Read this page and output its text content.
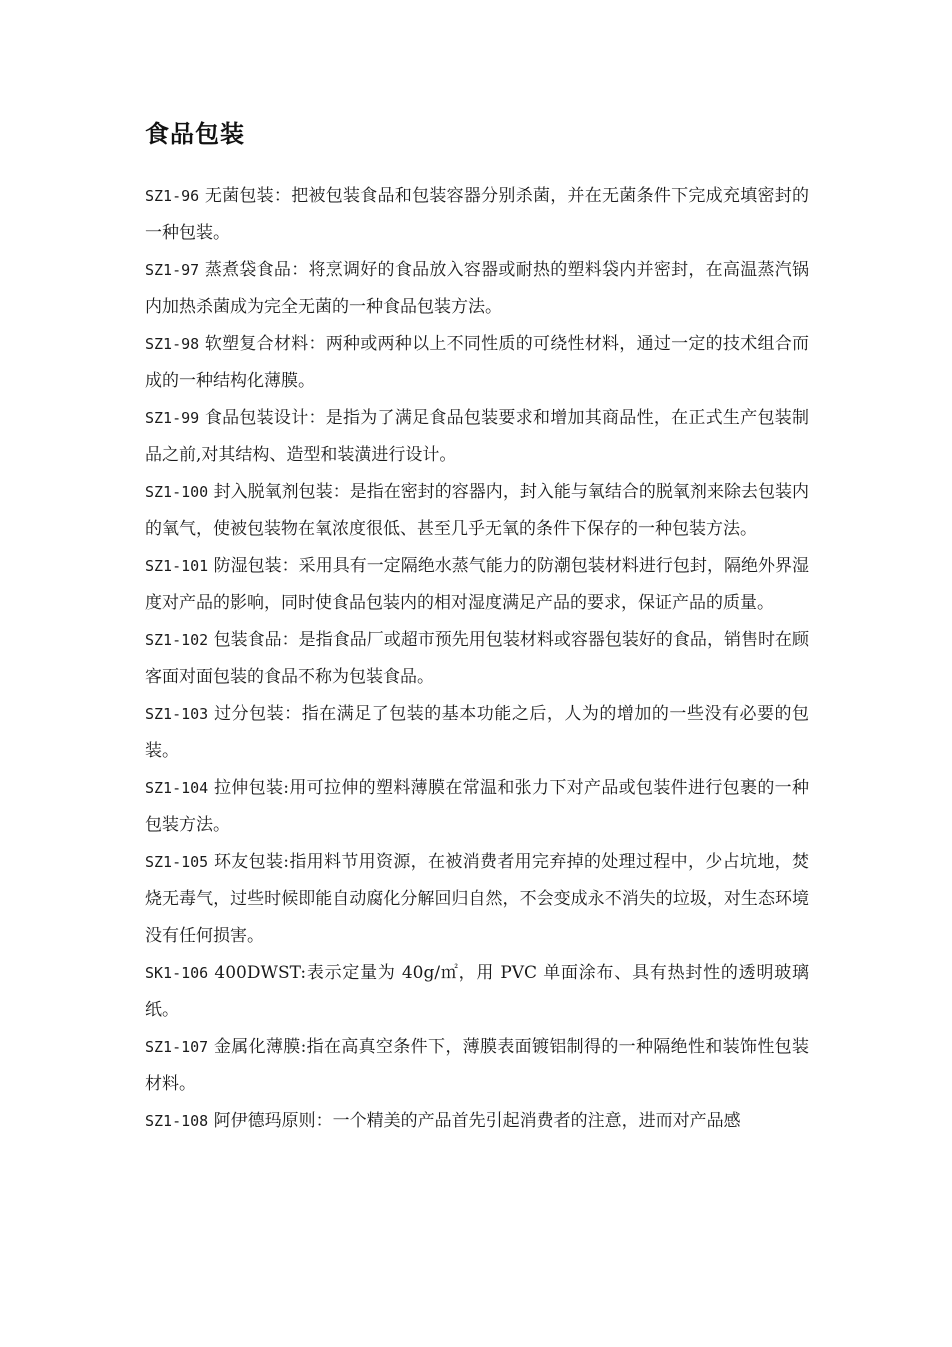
食品包装

SZ1-96 无菌包装：把被包装食品和包装容器分别杀菌，并在无菌条件下完成充填密封的一种包装。

SZ1-97 蒸煮袋食品：将烹调好的食品放入容器或耐热的塑料袋内并密封，在高温蒸汽锅内加热杀菌成为完全无菌的一种食品包装方法。

SZ1-98 软塑复合材料：两种或两种以上不同性质的可绕性材料，通过一定的技术组合而成的一种结构化薄膜。

SZ1-99 食品包装设计：是指为了满足食品包装要求和增加其商品性，在正式生产包装制品之前,对其结构、造型和装潢进行设计。

SZ1-100 封入脱氧剂包装：是指在密封的容器内，封入能与氧结合的脱氧剂来除去包装内的氧气，使被包装物在氧浓度很低、甚至几乎无氧的条件下保存的一种包装方法。

SZ1-101 防湿包装：采用具有一定隔绝水蒸气能力的防潮包装材料进行包封，隔绝外界湿度对产品的影响，同时使食品包装内的相对湿度满足产品的要求，保证产品的质量。

SZ1-102 包装食品：是指食品厂或超市预先用包装材料或容器包装好的食品，销售时在顾客面对面包装的食品不称为包装食品。

SZ1-103 过分包装：指在满足了包装的基本功能之后，人为的增加的一些没有必要的包装。

SZ1-104 拉伸包装:用可拉伸的塑料薄膜在常温和张力下对产品或包装件进行包裹的一种包装方法。

SZ1-105 环友包装:指用料节用资源，在被消费者用完弃掉的处理过程中，少占坑地，焚烧无毒气，过些时候即能自动腐化分解回归自然，不会变成永不消失的垃圾，对生态环境没有任何损害。

SK1-106 400DWST:表示定量为 40g/㎡，用 PVC 单面涂布、具有热封性的透明玻璃纸。

SZ1-107 金属化薄膜:指在高真空条件下，薄膜表面镀铝制得的一种隔绝性和装饰性包装材料。

SZ1-108 阿伊德玛原则：一个精美的产品首先引起消费者的注意，进而对产品感
